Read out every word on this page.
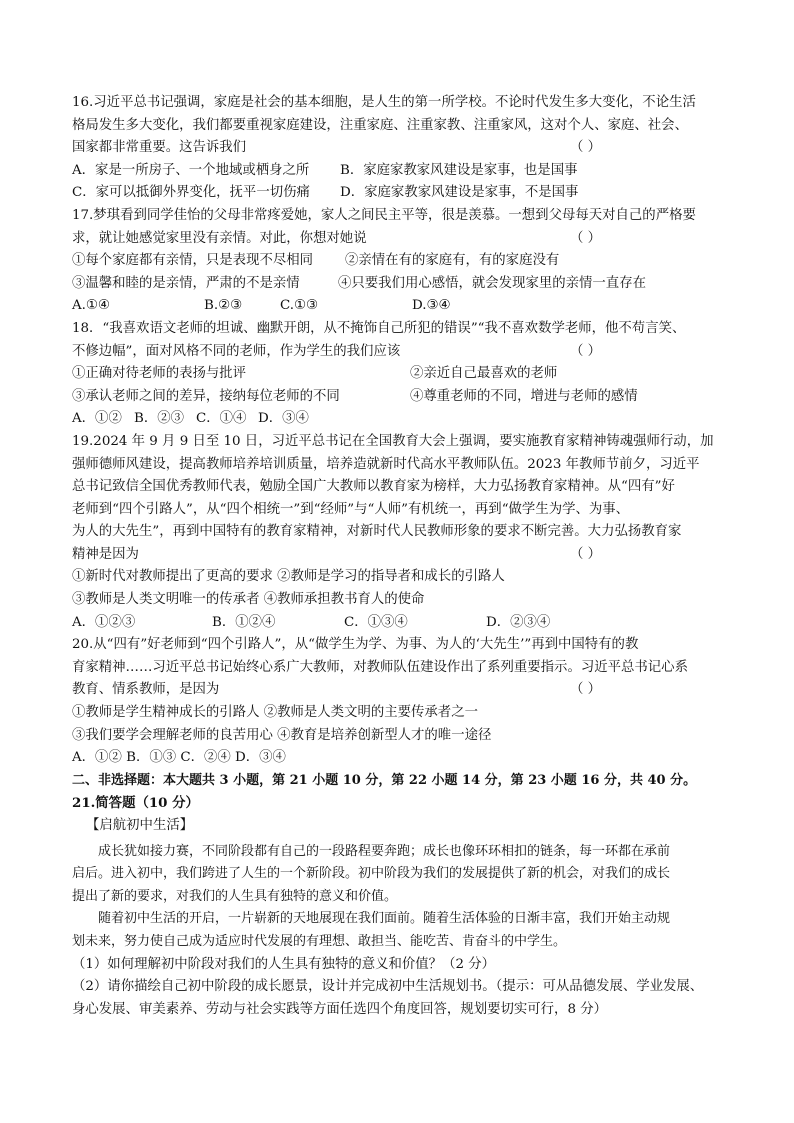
16.习近平总书记强调，家庭是社会的基本细胞，是人生的第一所学校。不论时代发生多大变化，不论生活
格局发生多大变化，我们都要重视家庭建设，注重家庭、注重家教、注重家风，这对个人、家庭、社会、
国家都非常重要。这告诉我们	（ ）
A．家是一所房子、一个地域或栖身之所 B．家庭家教家风建设是家事，也是国事
C．家可以抵御外界变化，抚平一切伤痛 D．家庭家教家风建设是家事，不是国事
17.梦琪看到同学佳怡的父母非常疼爱她，家人之间民主平等，很是羡慕。一想到父母每天对自己的严格要
求，就让她感觉家里没有亲情。对此，你想对她说	（ ）
①每个家庭都有亲情，只是表现不尽相同 ②亲情在有的家庭有，有的家庭没有
③温馨和睦的是亲情，严肃的不是亲情	④只要我们用心感悟，就会发现家里的亲情一直存在
A.①④	B.②③	C.①③	D.③④
18．“我喜欢语文老师的坦诚、幽默开朗，从不掩饰自己所犯的错误”“我不喜欢数学老师，他不苟言笑、
不修边幅”，面对风格不同的老师，作为学生的我们应该	（ ）
①正确对待老师的表扬与批评	②亲近自己最喜欢的老师
③承认老师之间的差异，接纳每位老师的不同	④尊重老师的不同，增进与老师的感情
A．①② B．②③ C．①④ D．③④
19.2024 年 9 月 9 日至 10 日，习近平总书记在全国教育大会上强调，要实施教育家精神铸魂强师行动，加
强师德师风建设，提高教师培养培训质量，培养造就新时代高水平教师队伍。2023 年教师节前夕，习近平
总书记致信全国优秀教师代表，勉励全国广大教师以教育家为榜样，大力弘扬教育家精神。从“四有”好
老师到“四个引路人”，从“四个相统一”到“经师”与“人师”有机统一，再到“做学生为学、为事、
为人的大先生”，再到中国特有的教育家精神，对新时代人民教师形象的要求不断完善。大力弘扬教育家
精神是因为	（ ）
①新时代对教师提出了更高的要求 ②教师是学习的指导者和成长的引路人
③教师是人类文明唯一的传承者 ④教师承担教书育人的使命
A．①②③	B．①②④	C．①③④	D．②③④
20.从“四有”好老师到“四个引路人”，从“做学生为学、为事、为人的‘大先生’”再到中国特有的教
育家精神……习近平总书记始终心系广大教师，对教师队伍建设作出了系列重要指示。习近平总书记心系
教育、情系教师，是因为	（ ）
①教师是学生精神成长的引路人 ②教师是人类文明的主要传承者之一
③我们要学会理解老师的良苦用心 ④教育是培养创新型人才的唯一途径
A．①② B．①③ C．②④ D．③④
二、非选择题：本大题共 3 小题，第 21 小题 10 分，第 22 小题 14 分，第 23 小题 16 分，共 40 分。
21.简答题（10 分）
【启航初中生活】
成长犹如接力赛，不同阶段都有自己的一段路程要奔跑；成长也像环环相扣的链条，每一环都在承前
启后。进入初中，我们跨进了人生的一个新阶段。初中阶段为我们的发展提供了新的机会，对我们的成长
提出了新的要求，对我们的人生具有独特的意义和价值。
随着初中生活的开启，一片崭新的天地展现在我们面前。随着生活体验的日渐丰富，我们开始主动规
划未来，努力使自己成为适应时代发展的有理想、敢担当、能吃苦、肯奋斗的中学生。
（1）如何理解初中阶段对我们的人生具有独特的意义和价值？（2 分）
（2）请你描绘自己初中阶段的成长愿景，设计并完成初中生活规划书。（提示：可从品德发展、学业发展、
身心发展、审美素养、劳动与社会实践等方面任选四个角度回答，规划要切实可行，8 分）
